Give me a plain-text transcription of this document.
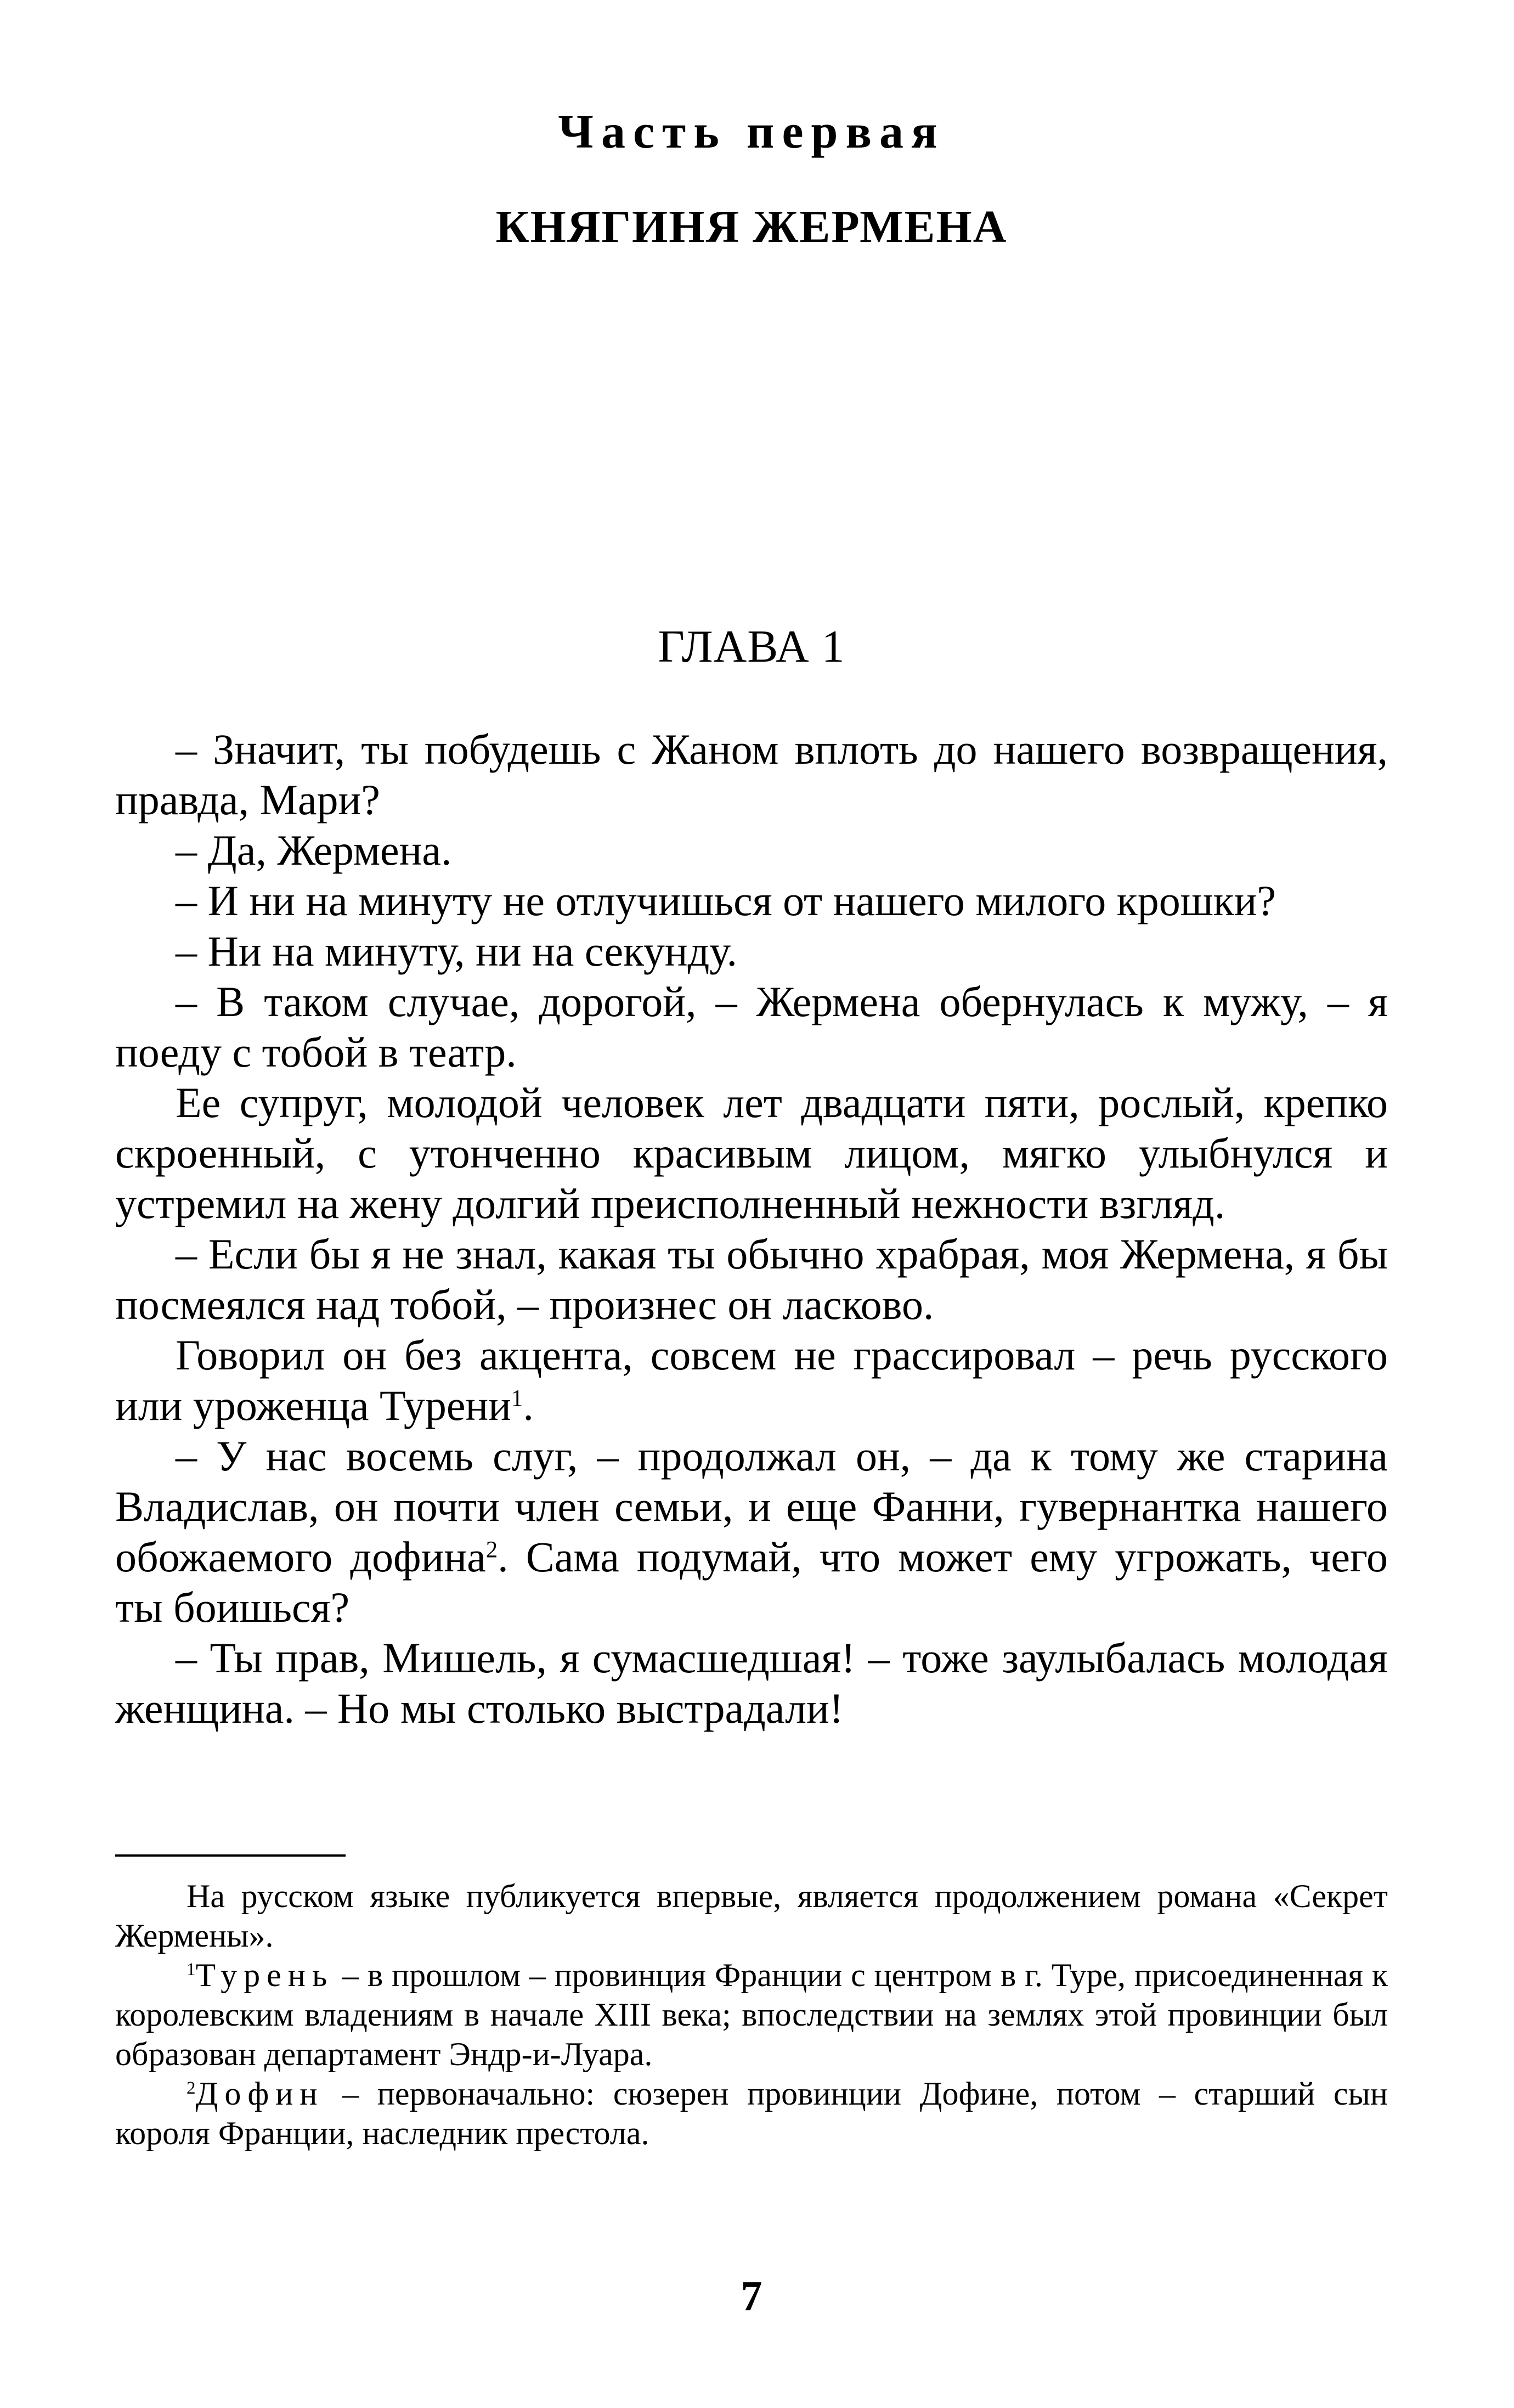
Часть первая
КНЯГИНЯ ЖЕРМЕНА
ГЛАВА 1

– Значит, ты побудешь с Жаном вплоть до нашего возвращения, правда, Мари?

– Да, Жермена.

– И ни на минуту не отлучишься от нашего милого крошки?

– Ни на минуту, ни на секунду.

– В таком случае, дорогой, – Жермена обернулась к мужу, – я поеду с тобой в театр.

Ее супруг, молодой человек лет двадцати пяти, рослый, крепко скроенный, с утонченно красивым лицом, мягко улыбнулся и устремил на жену долгий преисполненный нежности взгляд.

– Если бы я не знал, какая ты обычно храбрая, моя Жермена, я бы посмеялся над тобой, – произнес он ласково.

Говорил он без акцента, совсем не грассировал – речь русского или уроженца Турени$^1$.

– У нас восемь слуг, – продолжал он, – да к тому же старина Владислав, он почти член семьи, и еще Фанни, гувернантка нашего обожаемого дофина$^2$. Сама подумай, что может ему угрожать, чего ты боишься?

– Ты прав, Мишель, я сумасшедшая! – тоже заулыбалась молодая женщина. – Но мы столько выстрадали!

На русском языке публикуется впервые, является продолжением романа «Секрет Жермены».

$^1$Турень – в прошлом – провинция Франции с центром в г. Туре, присоединенная к королевским владениям в начале XIII века; впоследствии на землях этой провинции был образован департамент Эндр-и-Луара.

$^2$Дофин – первоначально: сюзерен провинции Дофине, потом – старший сын короля Франции, наследник престола.

7
